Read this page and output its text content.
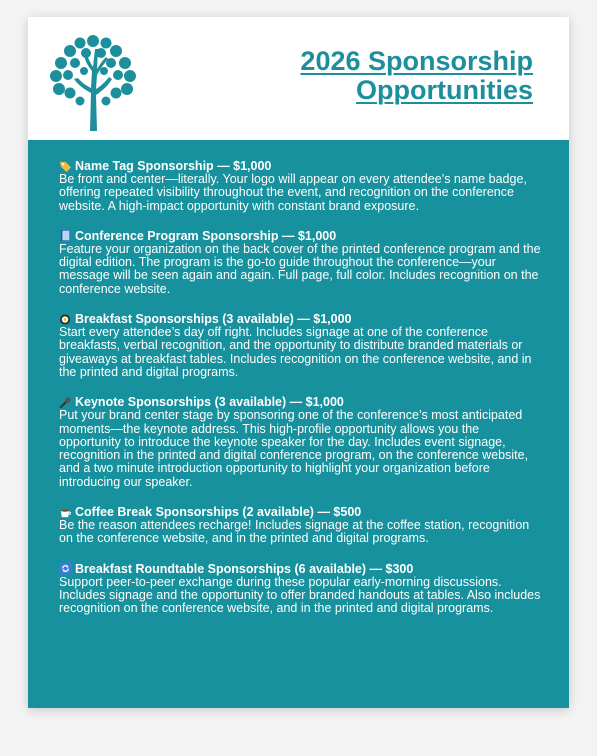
2026 Sponsorship
Opportunities
Name Tag Sponsorship — $1,000
Be front and center—literally. Your logo will appear on every attendee’s name badge, offering repeated visibility throughout the event, and recognition on the conference website. A high-impact opportunity with constant brand exposure.
Conference Program Sponsorship — $1,000
Feature your organization on the back cover of the printed conference program and the digital edition. The program is the go-to guide throughout the conference—your message will be seen again and again. Full page, full color. Includes recognition on the conference website.
Breakfast Sponsorships (3 available) — $1,000
Start every attendee’s day off right. Includes signage at one of the conference breakfasts, verbal recognition, and the opportunity to distribute branded materials or giveaways at breakfast tables. Includes recognition on the conference website, and in the printed and digital programs.
Keynote Sponsorships (3 available) — $1,000
Put your brand center stage by sponsoring one of the conference’s most anticipated moments—the keynote address. This high-profile opportunity allows you the opportunity to introduce the keynote speaker for the day. Includes event signage, recognition in the printed and digital conference program, on the conference website, and a two minute introduction opportunity to highlight your organization before introducing our speaker.
Coffee Break Sponsorships (2 available) — $500
Be the reason attendees recharge! Includes signage at the coffee station, recognition on the conference website, and in the printed and digital programs.
Breakfast Roundtable Sponsorships (6 available) — $300
Support peer-to-peer exchange during these popular early-morning discussions. Includes signage and the opportunity to offer branded handouts at tables. Also includes recognition on the conference website, and in the printed and digital programs.
